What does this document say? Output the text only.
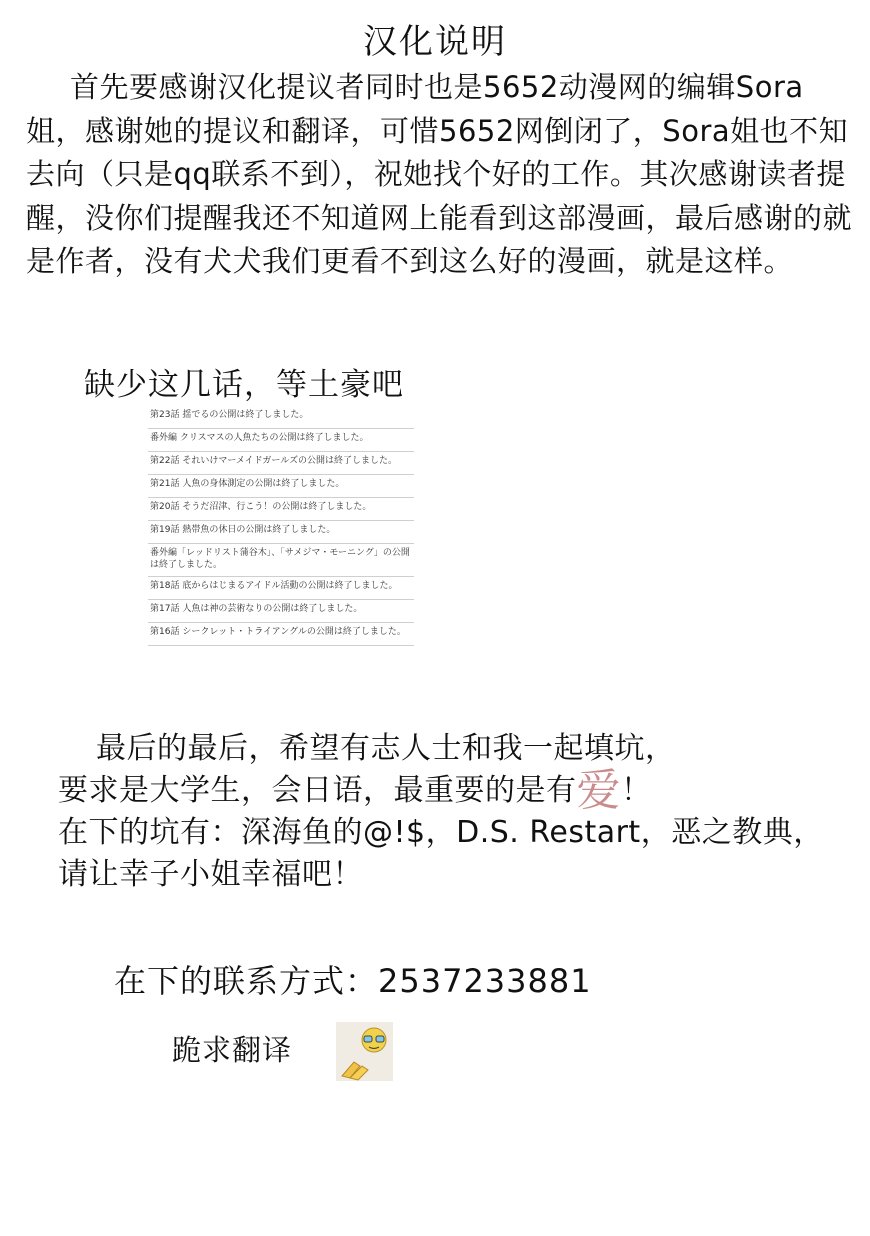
汉化说明
首先要感谢汉化提议者同时也是5652动漫网的编辑Sora姐，感谢她的提议和翻译，可惜5652网倒闭了，Sora姐也不知去向（只是qq联系不到），祝她找个好的工作。其次感谢读者提醒，没你们提醒我还不知道网上能看到这部漫画，最后感谢的就是作者，没有犬犬我们更看不到这么好的漫画，就是这样。
缺少这几话，等土豪吧
第23話 揺でるの公開は終了しました。
番外編 クリスマスの人魚たちの公開は終了しました。
第22話 それいけマーメイドガールズの公開は終了しました。
第21話 人魚の身体測定の公開は終了しました。
第20話 そうだ沼津、行こう！の公開は終了しました。
第19話 熱帯魚の休日の公開は終了しました。
番外編「レッドリスト蒲谷木」、「サメジマ・モーニング」の公開は終了しました。
第18話 底からはじまるアイドル活動の公開は終了しました。
第17話 人魚は神の芸術なりの公開は終了しました。
第16話 シークレット・トライアングルの公開は終了しました。
最后的最后，希望有志人士和我一起填坑，
要求是大学生，会日语，最重要的是有爱！
在下的坑有：深海鱼的@!$，D.S. Restart，恶之教典，请让幸子小姐幸福吧！
在下的联系方式：2537233881
跪求翻译
